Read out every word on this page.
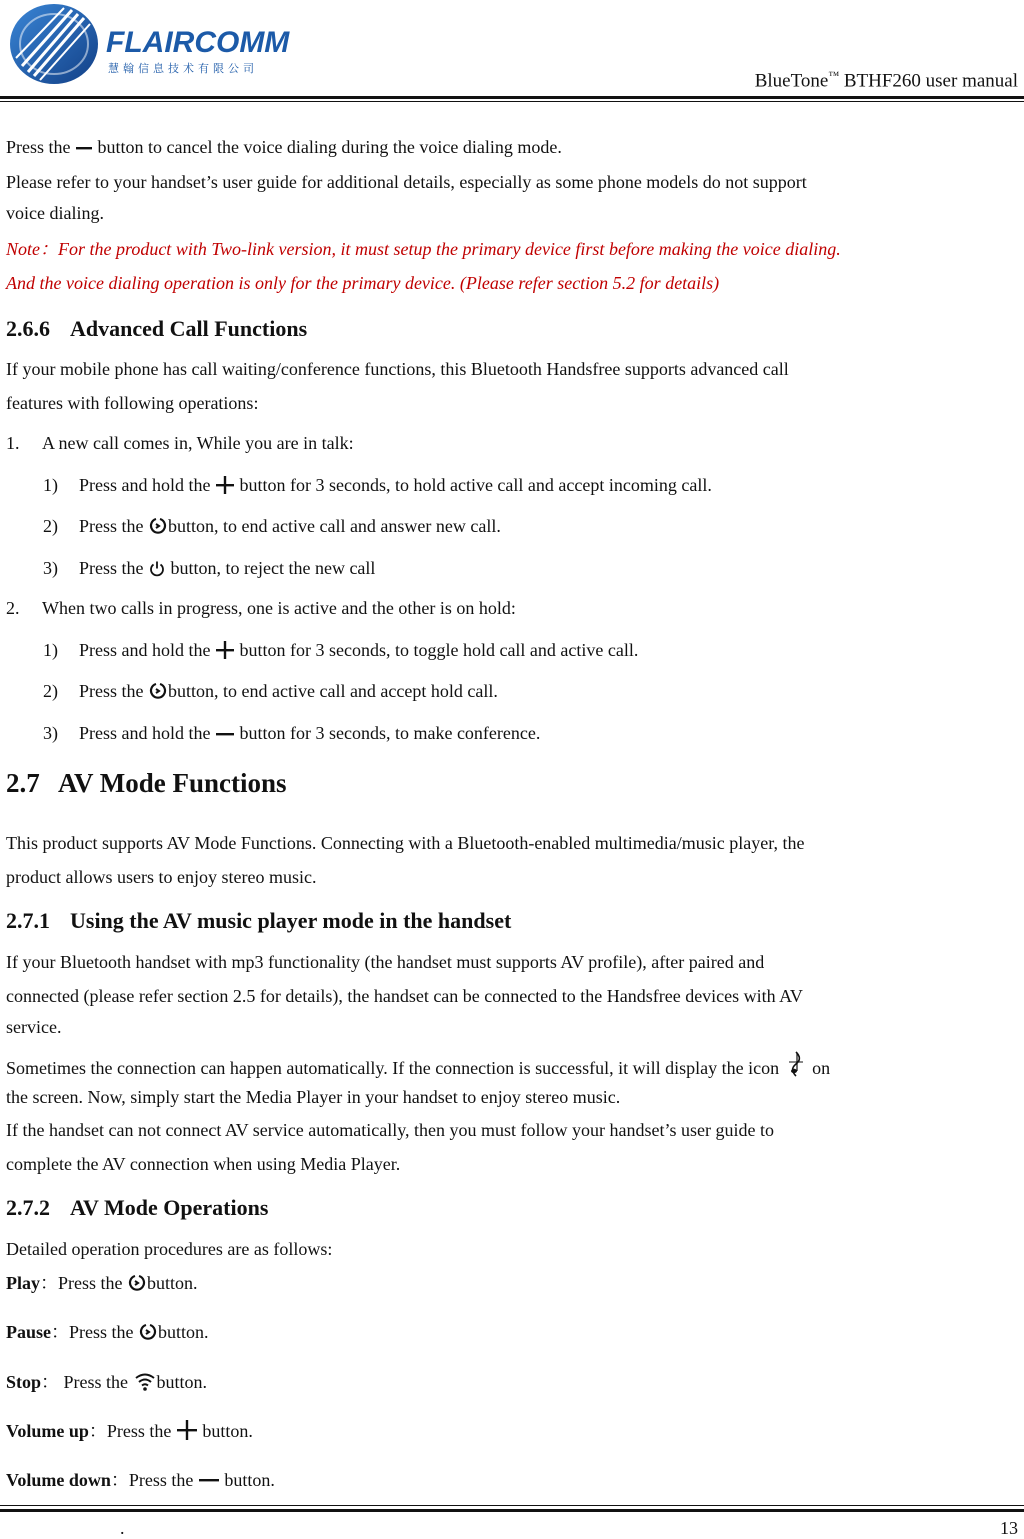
FLAIRCOMM
慧翰信息技术有限公司
BlueTone™ BTHF260 user manual
Press the
button to cancel the voice dialing during the voice dialing mode.
Please refer to your handset’s user guide for additional details, especially as some phone models do not support
voice dialing.
Note：For the product with Two-link version, it must setup the primary device first before making the voice dialing.
And the voice dialing operation is only for the primary device. (Please refer section 5.2 for details)
2.6.6 Advanced Call Functions
If your mobile phone has call waiting/conference functions, this Bluetooth Handsfree supports advanced call
features with following operations:
1. A new call comes in, While you are in talk:
1) Press and hold the
button for 3 seconds, to hold active call and accept incoming call.
2) Press the
button, to end active call and answer new call.
3) Press the
button, to reject the new call
2. When two calls in progress, one is active and the other is on hold:
1) Press and hold the
button for 3 seconds, to toggle hold call and active call.
2) Press the
button, to end active call and accept hold call.
3) Press and hold the
button for 3 seconds, to make conference.
2.7 AV Mode Functions
This product supports AV Mode Functions. Connecting with a Bluetooth-enabled multimedia/music player, the
product allows users to enjoy stereo music.
2.7.1 Using the AV music player mode in the handset
If your Bluetooth handset with mp3 functionality (the handset must supports AV profile), after paired and
connected (please refer section 2.5 for details), the handset can be connected to the Handsfree devices with AV
service.
Sometimes the connection can happen automatically. If the connection is successful, it will display the icon
on
the screen. Now, simply start the Media Player in your handset to enjoy stereo music.
If the handset can not connect AV service automatically, then you must follow your handset’s user guide to
complete the AV connection when using Media Player.
2.7.2 AV Mode Operations
Detailed operation procedures are as follows:
Play：Press the
button.
Pause：Press the
button.
Stop： Press the
button.
Volume up：Press the
button.
Volume down：Press the
button.
.	13
